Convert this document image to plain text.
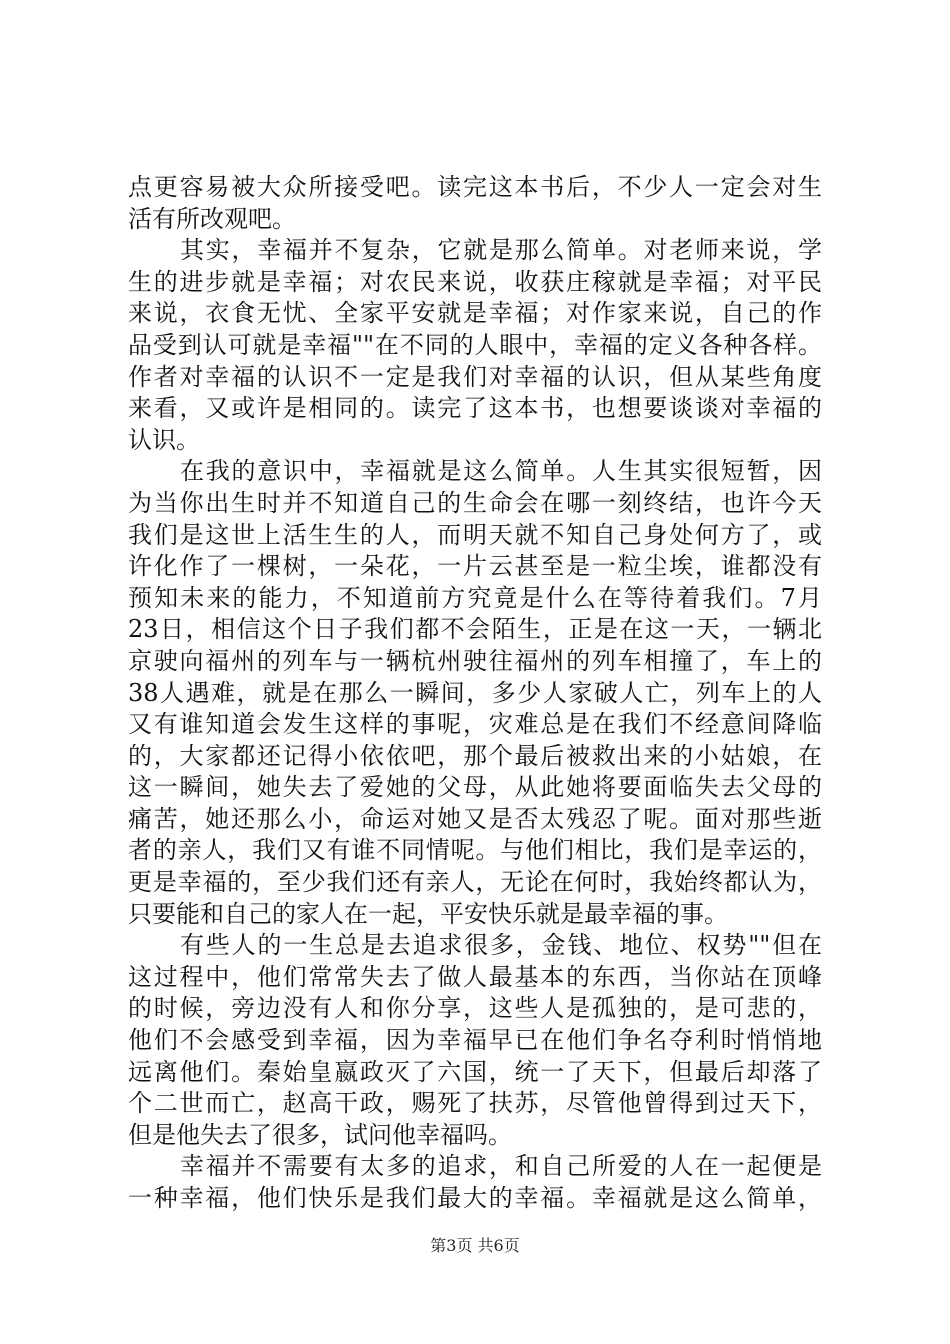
点更容易被大众所接受吧。读完这本书后，不少人一定会对生
活有所改观吧。
其实，幸福并不复杂，它就是那么简单。对老师来说，学
生的进步就是幸福；对农民来说，收获庄稼就是幸福；对平民
来说，衣食无忧、全家平安就是幸福；对作家来说，自己的作
品受到认可就是幸福""在不同的人眼中，幸福的定义各种各样。
作者对幸福的认识不一定是我们对幸福的认识，但从某些角度
来看，又或许是相同的。读完了这本书，也想要谈谈对幸福的
认识。
在我的意识中，幸福就是这么简单。人生其实很短暂，因
为当你出生时并不知道自己的生命会在哪一刻终结，也许今天
我们是这世上活生生的人，而明天就不知自己身处何方了，或
许化作了一棵树，一朵花，一片云甚至是一粒尘埃，谁都没有
预知未来的能力，不知道前方究竟是什么在等待着我们。7月
23日，相信这个日子我们都不会陌生，正是在这一天，一辆北
京驶向福州的列车与一辆杭州驶往福州的列车相撞了，车上的
38人遇难，就是在那么一瞬间，多少人家破人亡，列车上的人
又有谁知道会发生这样的事呢，灾难总是在我们不经意间降临
的，大家都还记得小依依吧，那个最后被救出来的小姑娘，在
这一瞬间，她失去了爱她的父母，从此她将要面临失去父母的
痛苦，她还那么小，命运对她又是否太残忍了呢。面对那些逝
者的亲人，我们又有谁不同情呢。与他们相比，我们是幸运的，
更是幸福的，至少我们还有亲人，无论在何时，我始终都认为，
只要能和自己的家人在一起，平安快乐就是最幸福的事。
有些人的一生总是去追求很多，金钱、地位、权势""但在
这过程中，他们常常失去了做人最基本的东西，当你站在顶峰
的时候，旁边没有人和你分享，这些人是孤独的，是可悲的，
他们不会感受到幸福，因为幸福早已在他们争名夺利时悄悄地
远离他们。秦始皇嬴政灭了六国，统一了天下，但最后却落了
个二世而亡，赵高干政，赐死了扶苏，尽管他曾得到过天下，
但是他失去了很多，试问他幸福吗。
幸福并不需要有太多的追求，和自己所爱的人在一起便是
一种幸福，他们快乐是我们最大的幸福。幸福就是这么简单，
第3页 共6页
